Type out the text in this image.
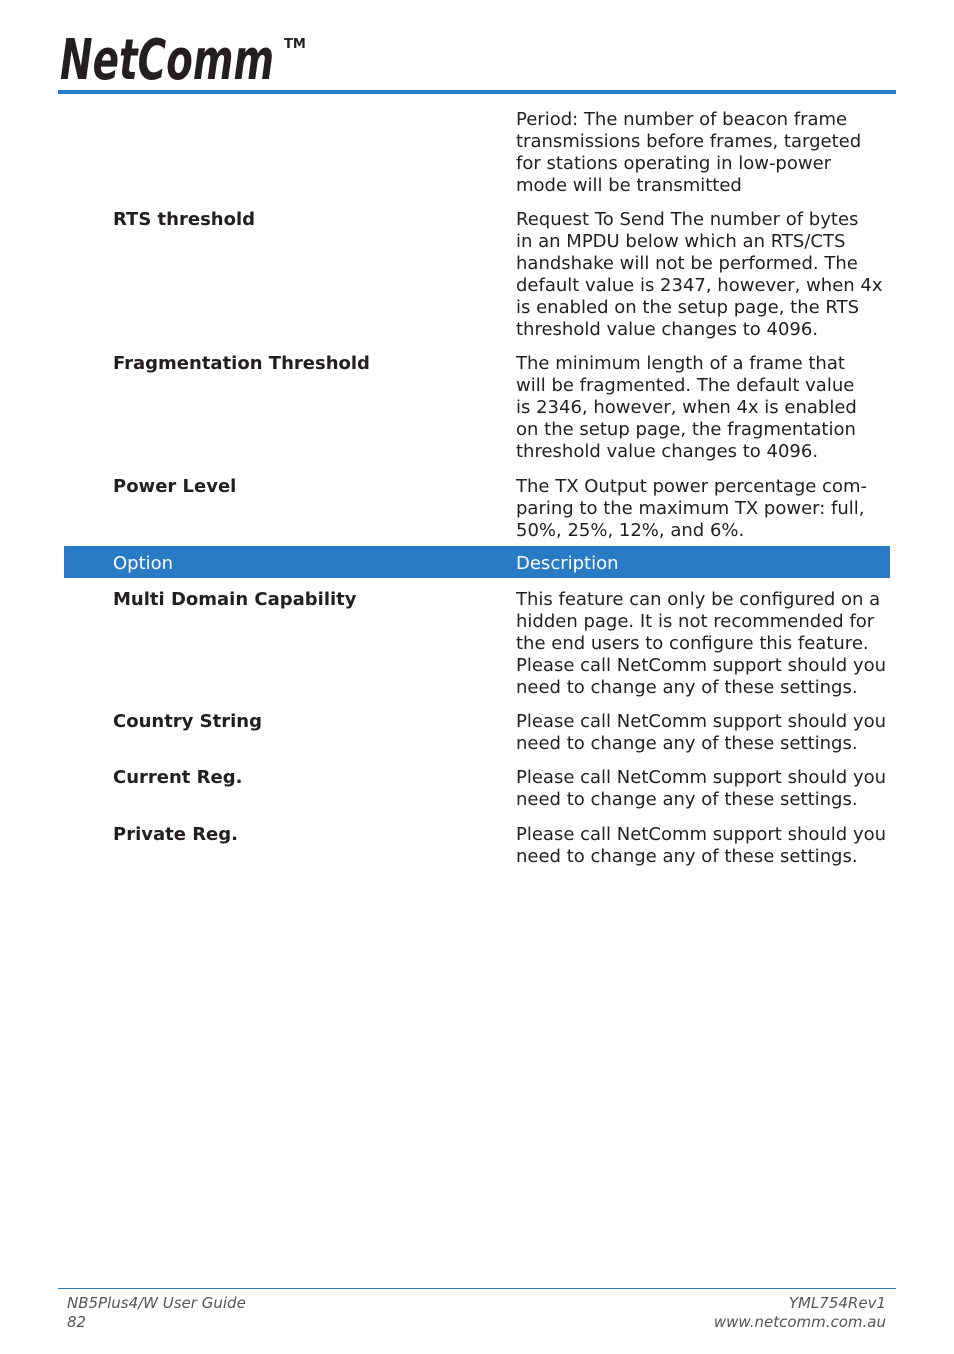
NetComm TM
Period: The number of beacon frame
transmissions before frames, targeted
for stations operating in low-power
mode will be transmitted
RTS threshold	Request To Send The number of bytes
in an MPDU below which an RTS/CTS
handshake will not be performed. The
default value is 2347, however, when 4x
is enabled on the setup page, the RTS
threshold value changes to 4096.
Fragmentation Threshold	The minimum length of a frame that
will be fragmented. The default value
is 2346, however, when 4x is enabled
on the setup page, the fragmentation
threshold value changes to 4096.
Power Level	The TX Output power percentage com-
paring to the maximum TX power: full,
50%, 25%, 12%, and 6%.
Option	Description
Multi Domain Capability	This feature can only be configured on a
hidden page. It is not recommended for
the end users to configure this feature.
Please call NetComm support should you
need to change any of these settings.
Country String	Please call NetComm support should you
need to change any of these settings.
Current Reg.	Please call NetComm support should you
need to change any of these settings.
Private Reg.	Please call NetComm support should you
need to change any of these settings.
NB5Plus4/W User Guide
82
YML754Rev1
www.netcomm.com.au
